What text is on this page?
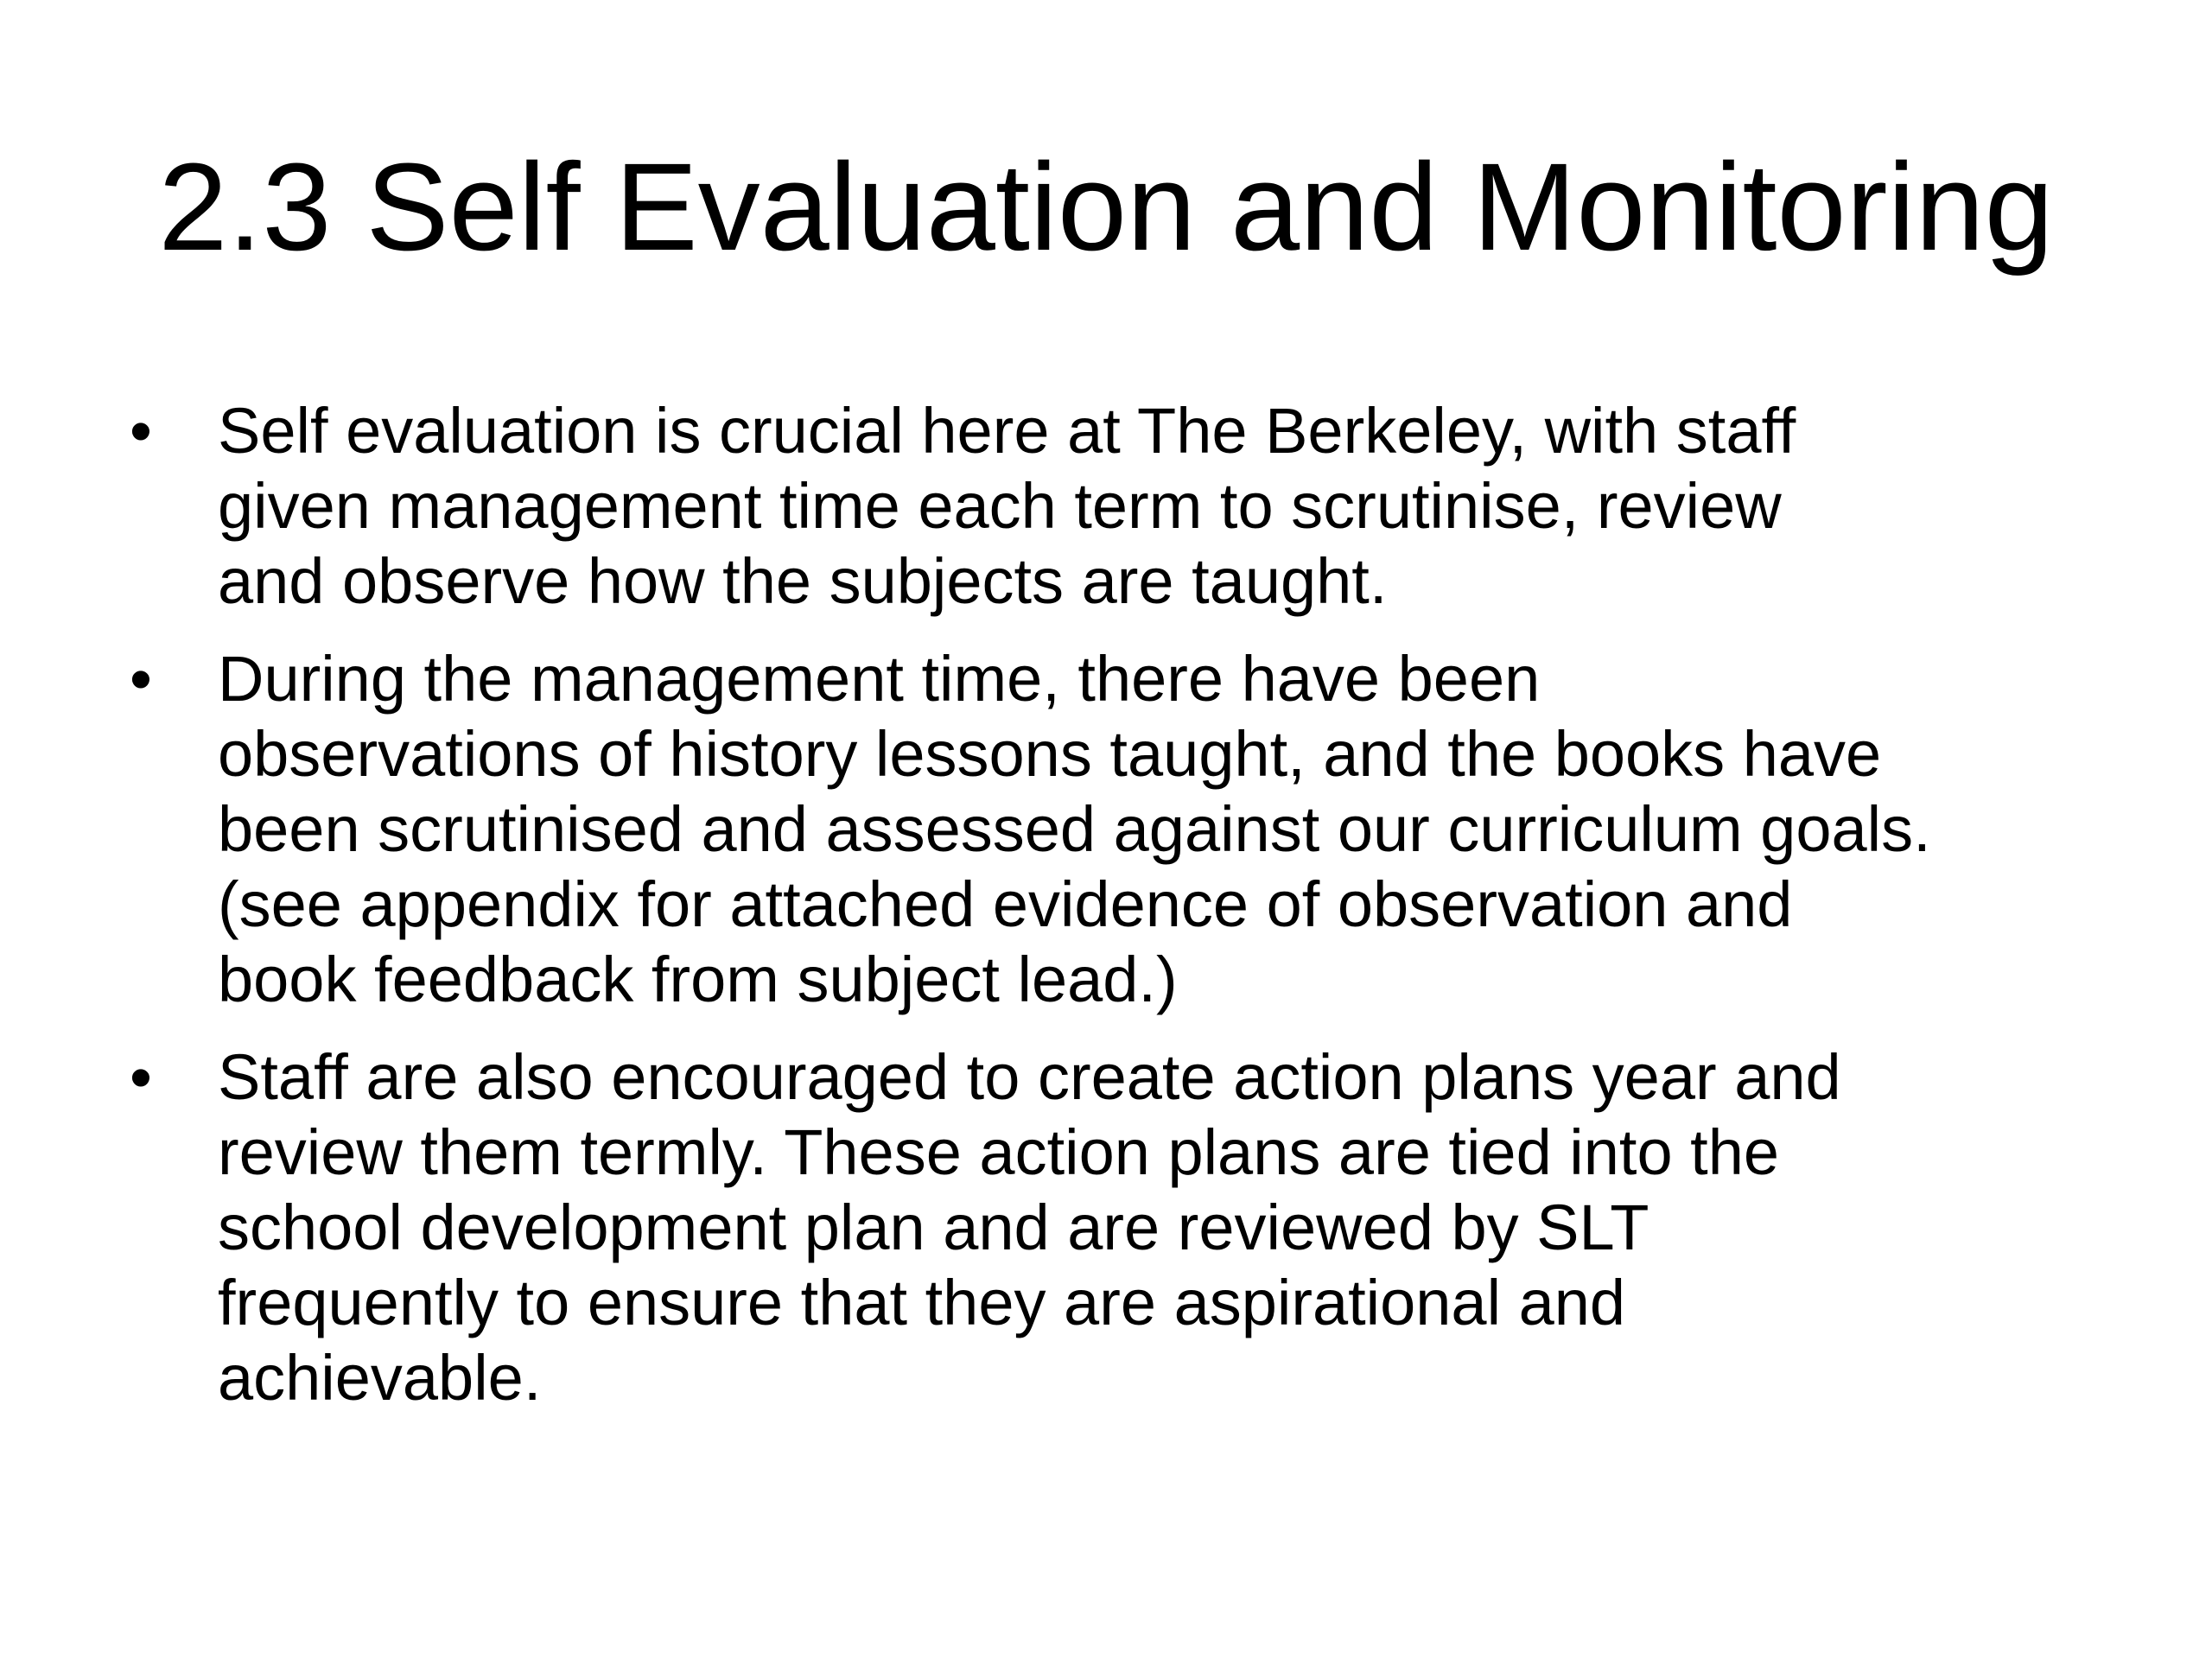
2.3 Self Evaluation and Monitoring
•	Self evaluation is crucial here at The Berkeley, with staff
given management time each term to scrutinise, review
and observe how the subjects are taught.
•	During the management time, there have been
observations of history lessons taught, and the books have
been scrutinised and assessed against our curriculum goals.
(see appendix for attached evidence of observation and
book feedback from subject lead.)
•	Staff are also encouraged to create action plans year and
review them termly. These action plans are tied into the
school development plan and are reviewed by SLT
frequently to ensure that they are aspirational and
achievable.
